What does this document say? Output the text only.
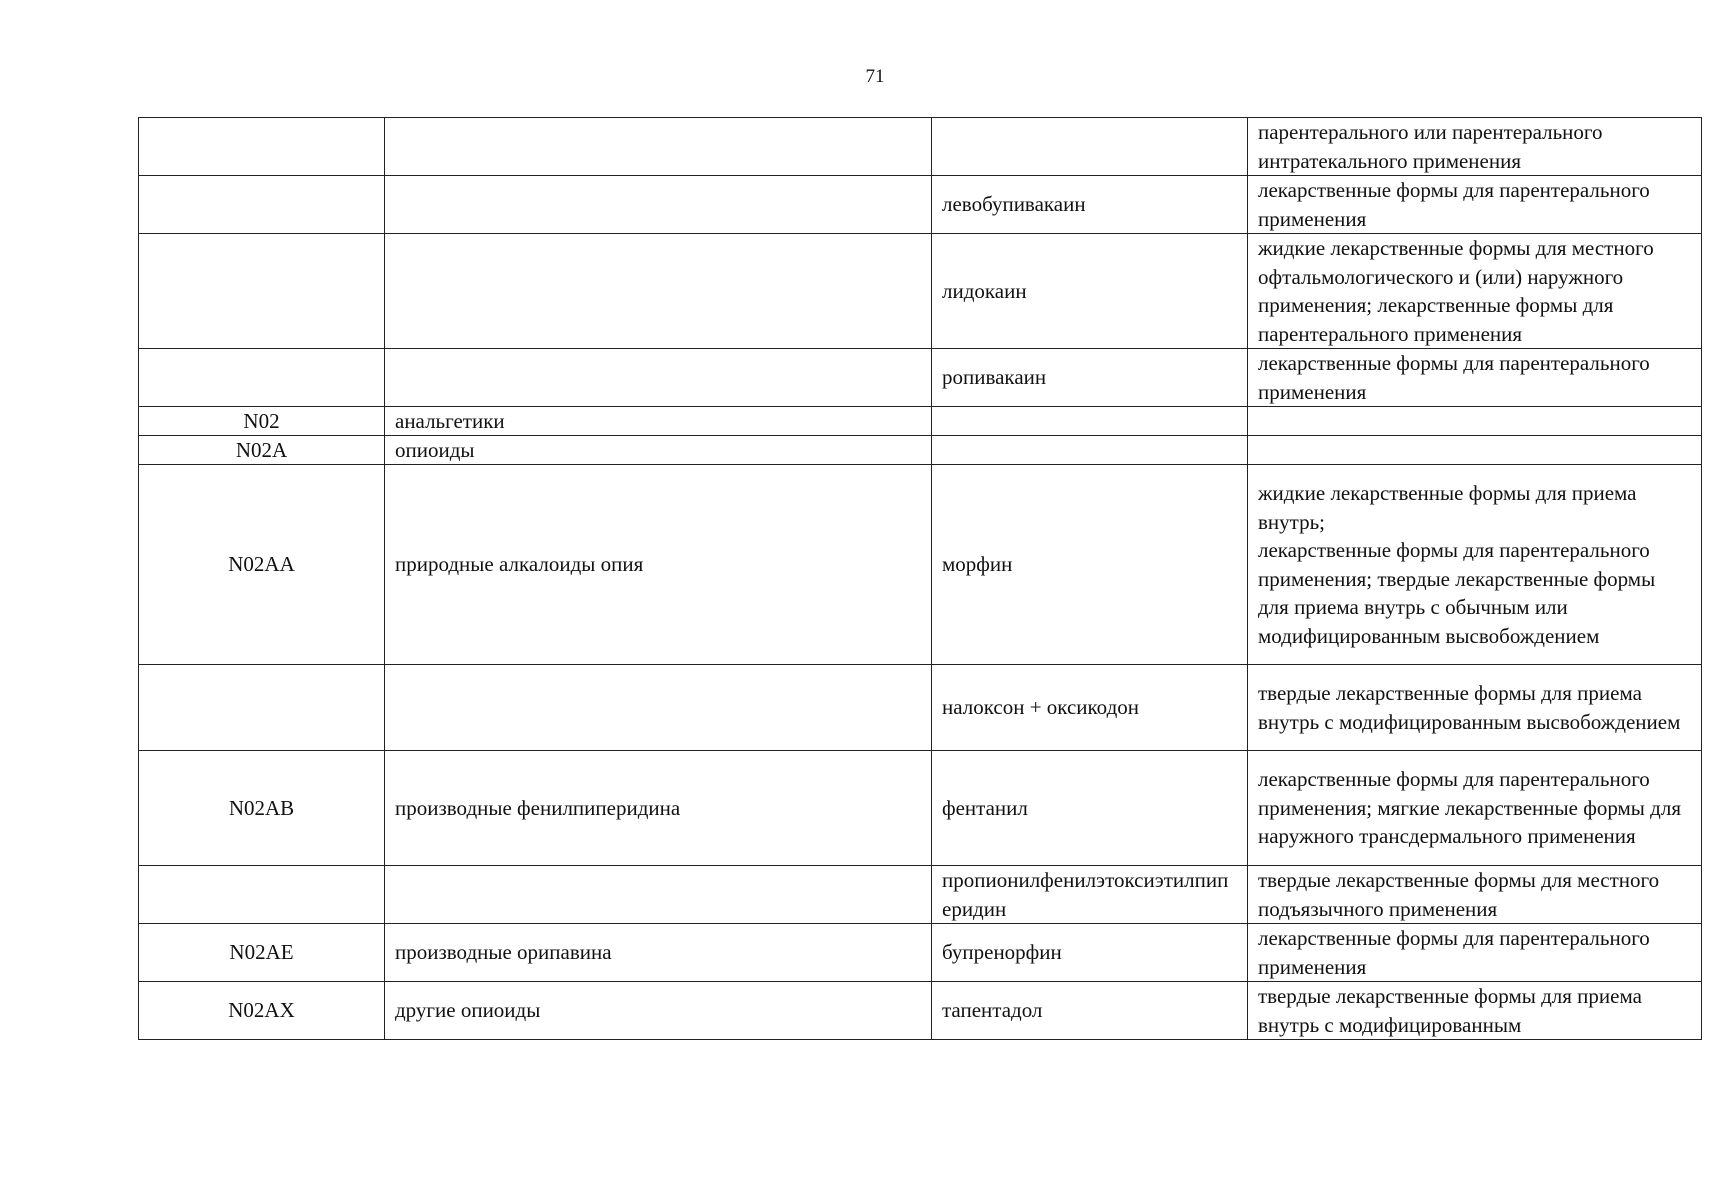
71
			парентерального или парентерального интратекального применения
		левобупивакаин	лекарственные формы для парентерального применения
		лидокаин	жидкие лекарственные формы для местного офтальмологического и (или) наружного применения; лекарственные формы для парентерального применения
		ропивакаин	лекарственные формы для парентерального применения
N02	анальгетики		
N02A	опиоиды		
N02AA	природные алкалоиды опия	морфин	жидкие лекарственные формы для приема внутрь;
лекарственные формы для парентерального применения; твердые лекарственные формы для приема внутрь с обычным или модифицированным высвобождением
		налоксон + оксикодон	твердые лекарственные формы для приема внутрь с модифицированным высвобождением
N02AB	производные фенилпиперидина	фентанил	лекарственные формы для парентерального применения; мягкие лекарственные формы для наружного трансдермального применения
		пропионилфенилэтоксиэтилпиперидин	твердые лекарственные формы для местного подъязычного применения
N02AE	производные орипавина	бупренорфин	лекарственные формы для парентерального применения
N02AX	другие опиоиды	тапентадол	твердые лекарственные формы для приема внутрь с модифицированным
